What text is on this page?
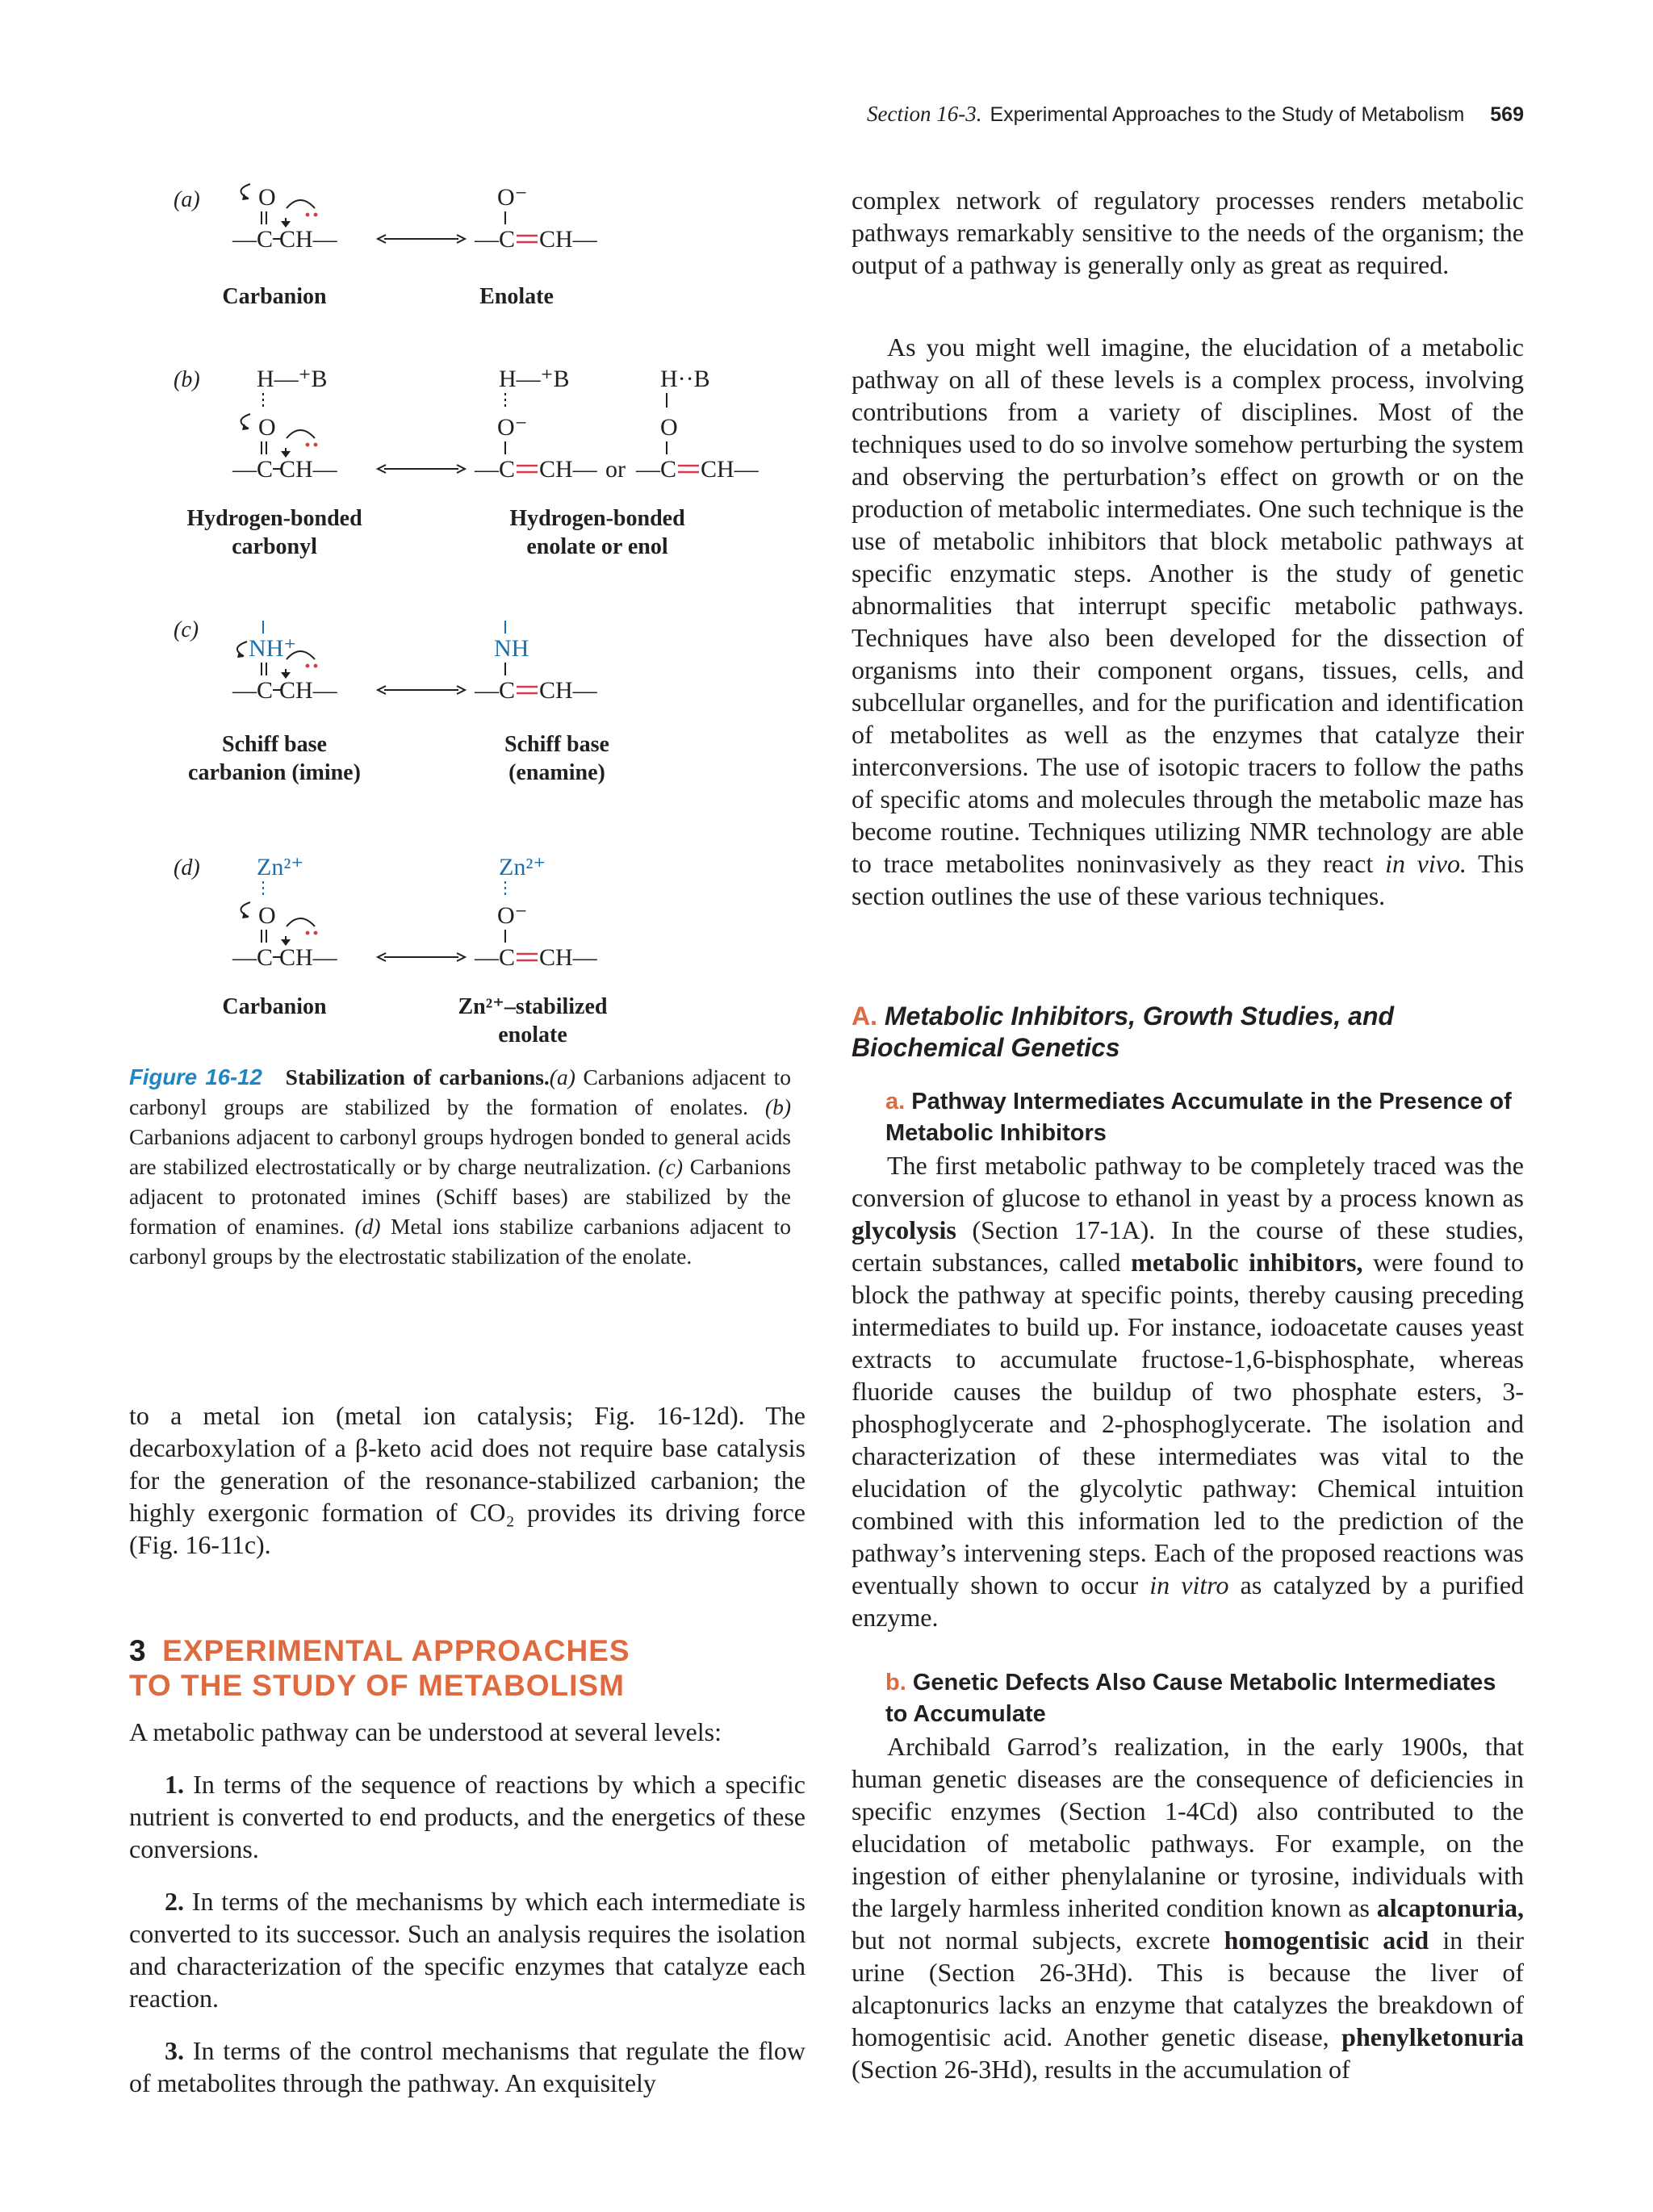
Section 16-3. Experimental Approaches to the Study of Metabolism 569
(a) O
··
—C CH—
O⁻
—C CH—
Carbanion	Enolate
(b) H—⁺B
O
··
—C CH—
H—⁺B
O⁻
—C CH— or
H··B
O
—C CH—
Hydrogen-bonded
carbonyl
Hydrogen-bonded
enolate or enol
(c)
NH⁺
··
—C CH—
NH
—C CH—
Schiff base
carbanion (imine)
Schiff base
(enamine)
(d) Zn²⁺
O
··
—C CH—
Zn²⁺
O⁻
—C CH—
Carbanion	Zn²⁺–stabilized
enolate
Figure 16-12 Stabilization of carbanions.(a) Carbanions adjacent to carbonyl groups are stabilized by the formation of enolates. (b) Carbanions adjacent to carbonyl groups hydrogen bonded to general acids are stabilized electrostatically or by charge neutralization. (c) Carbanions adjacent to protonated imines (Schiff bases) are stabilized by the formation of enamines. (d) Metal ions stabilize carbanions adjacent to carbonyl groups by the electrostatic stabilization of the enolate.

to a metal ion (metal ion catalysis; Fig. 16-12d). The decarboxylation of a β-keto acid does not require base catalysis for the generation of the resonance-stabilized carbanion; the highly exergonic formation of CO₂ provides its driving force (Fig. 16-11c).

3 EXPERIMENTAL APPROACHES
TO THE STUDY OF METABOLISM

A metabolic pathway can be understood at several levels:

1. In terms of the sequence of reactions by which a specific nutrient is converted to end products, and the energetics of these conversions.

2. In terms of the mechanisms by which each intermediate is converted to its successor. Such an analysis requires the isolation and characterization of the specific enzymes that catalyze each reaction.

3. In terms of the control mechanisms that regulate the flow of metabolites through the pathway. An exquisitely

complex network of regulatory processes renders metabolic pathways remarkably sensitive to the needs of the organism; the output of a pathway is generally only as great as required.

As you might well imagine, the elucidation of a metabolic pathway on all of these levels is a complex process, involving contributions from a variety of disciplines. Most of the techniques used to do so involve somehow perturbing the system and observing the perturbation’s effect on growth or on the production of metabolic intermediates. One such technique is the use of metabolic inhibitors that block metabolic pathways at specific enzymatic steps. Another is the study of genetic abnormalities that interrupt specific metabolic pathways. Techniques have also been developed for the dissection of organisms into their component organs, tissues, cells, and subcellular organelles, and for the purification and identification of metabolites as well as the enzymes that catalyze their interconversions. The use of isotopic tracers to follow the paths of specific atoms and molecules through the metabolic maze has become routine. Techniques utilizing NMR technology are able to trace metabolites noninvasively as they react in vivo. This section outlines the use of these various techniques.

A. Metabolic Inhibitors, Growth Studies, and Biochemical Genetics
a. Pathway Intermediates Accumulate in the Presence of Metabolic Inhibitors

The first metabolic pathway to be completely traced was the conversion of glucose to ethanol in yeast by a process known as glycolysis (Section 17-1A). In the course of these studies, certain substances, called metabolic inhibitors, were found to block the pathway at specific points, thereby causing preceding intermediates to build up. For instance, iodoacetate causes yeast extracts to accumulate fructose-1,6-bisphosphate, whereas fluoride causes the buildup of two phosphate esters, 3-phosphoglycerate and 2-phosphoglycerate. The isolation and characterization of these intermediates was vital to the elucidation of the glycolytic pathway: Chemical intuition combined with this information led to the prediction of the pathway’s intervening steps. Each of the proposed reactions was eventually shown to occur in vitro as catalyzed by a purified enzyme.

b. Genetic Defects Also Cause Metabolic Intermediates to Accumulate

Archibald Garrod’s realization, in the early 1900s, that human genetic diseases are the consequence of deficiencies in specific enzymes (Section 1-4Cd) also contributed to the elucidation of metabolic pathways. For example, on the ingestion of either phenylalanine or tyrosine, individuals with the largely harmless inherited condition known as alcaptonuria, but not normal subjects, excrete homogentisic acid in their urine (Section 26-3Hd). This is because the liver of alcaptonurics lacks an enzyme that catalyzes the breakdown of homogentisic acid. Another genetic disease, phenylketonuria (Section 26-3Hd), results in the accumulation of
